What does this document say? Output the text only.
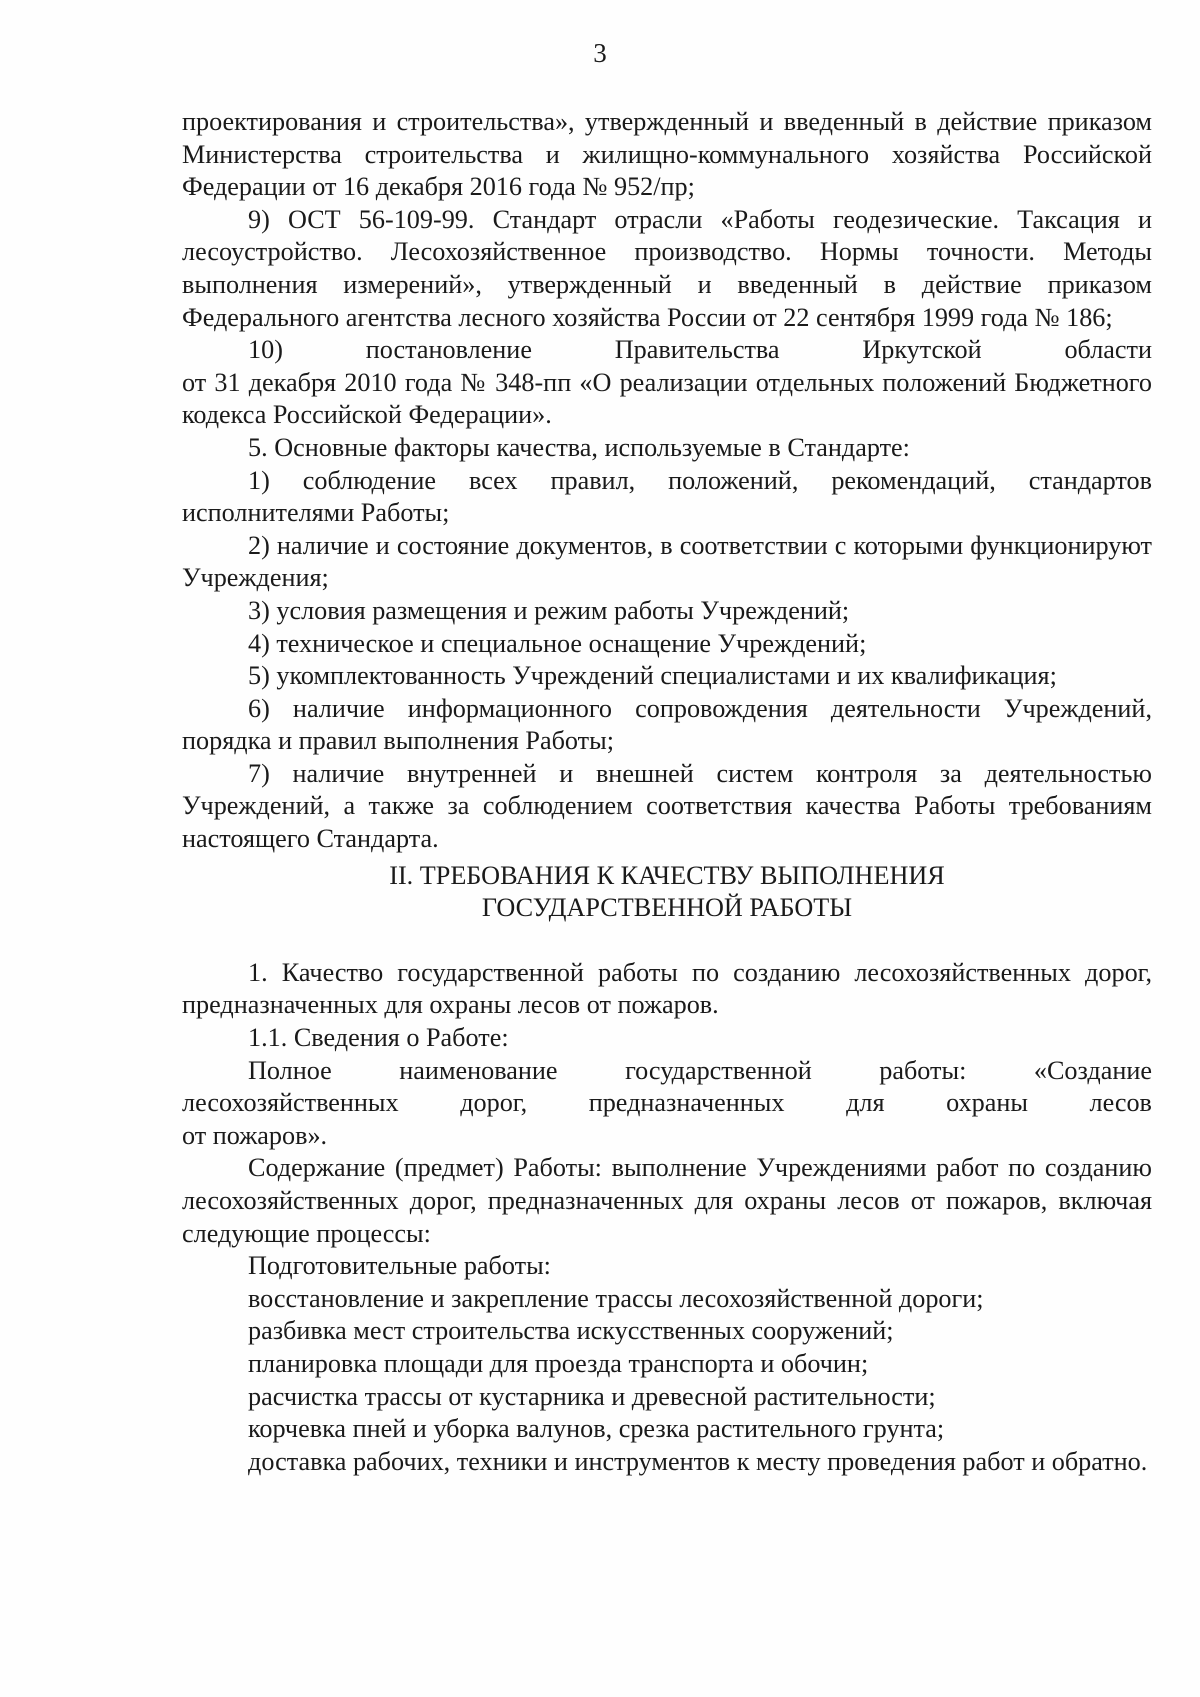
3

проектирования и строительства», утвержденный и введенный в действие приказом Министерства строительства и жилищно-коммунального хозяйства Российской Федерации от 16 декабря 2016 года № 952/пр;

9) ОСТ 56-109-99. Стандарт отрасли «Работы геодезические. Таксация и лесоустройство. Лесохозяйственное производство. Нормы точности. Методы выполнения измерений», утвержденный и введенный в действие приказом Федерального агентства лесного хозяйства России от 22 сентября 1999 года № 186;

10)	постановление	Правительства	Иркутской	области

от 31 декабря 2010 года № 348-пп «О реализации отдельных положений Бюджетного кодекса Российской Федерации».

5. Основные факторы качества, используемые в Стандарте:

1) соблюдение всех правил, положений, рекомендаций, стандартов исполнителями Работы;

2) наличие и состояние документов, в соответствии с которыми функционируют Учреждения;

3) условия размещения и режим работы Учреждений;

4) техническое и специальное оснащение Учреждений;

5) укомплектованность Учреждений специалистами и их квалификация;

6) наличие информационного сопровождения деятельности Учреждений, порядка и правил выполнения Работы;

7) наличие внутренней и внешней систем контроля за деятельностью Учреждений, а также за соблюдением соответствия качества Работы требованиям настоящего Стандарта.

II. ТРЕБОВАНИЯ К КАЧЕСТВУ ВЫПОЛНЕНИЯ
ГОСУДАРСТВЕННОЙ РАБОТЫ

1. Качество государственной работы по созданию лесохозяйственных дорог, предназначенных для охраны лесов от пожаров.

1.1. Сведения о Работе:

Полное	наименование	государственной	работы:	«Создание

лесохозяйственных дорог, предназначенных для охраны лесов

от пожаров».

Содержание (предмет) Работы: выполнение Учреждениями работ по созданию лесохозяйственных дорог, предназначенных для охраны лесов от пожаров, включая следующие процессы:

Подготовительные работы:

восстановление и закрепление трассы лесохозяйственной дороги;

разбивка мест строительства искусственных сооружений;

планировка площади для проезда транспорта и обочин;

расчистка трассы от кустарника и древесной растительности;

корчевка пней и уборка валунов, срезка растительного грунта;

доставка рабочих, техники и инструментов к месту проведения работ и обратно.
